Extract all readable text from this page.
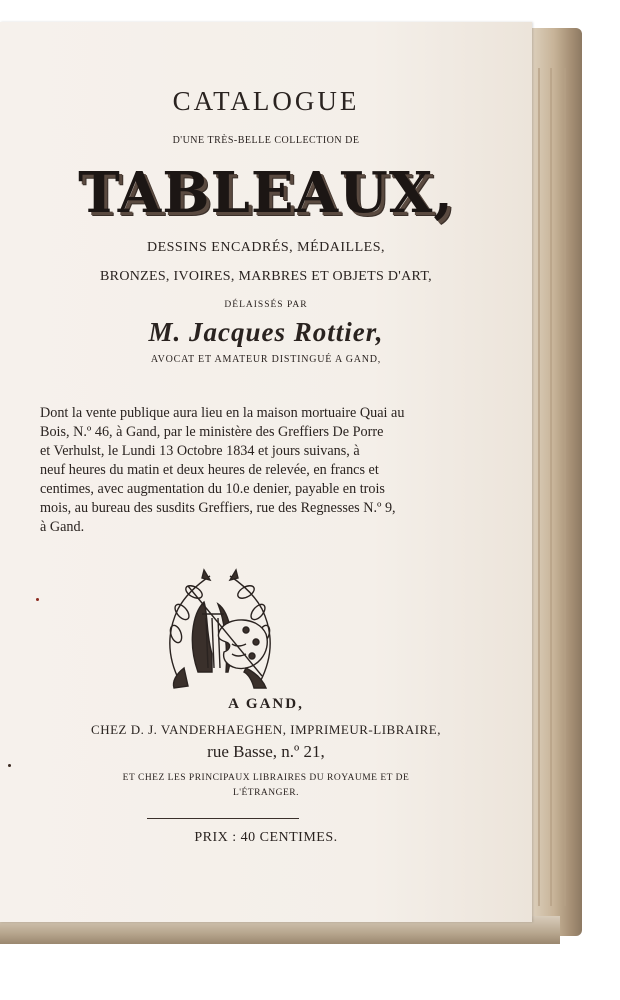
CATALOGUE
D'UNE TRÈS-BELLE COLLECTION DE
TABLEAUX,
DESSINS ENCADRÉS, MÉDAILLES,
BRONZES, IVOIRES, MARBRES ET OBJETS D'ART,
DÉLAISSÉS PAR
M. Jacques Rottier,
AVOCAT ET AMATEUR DISTINGUÉ A GAND,
Dont la vente publique aura lieu en la maison mortuaire Quai au
Bois, N.º 46, à Gand, par le ministère des Greffiers De Porre
et Verhulst, le Lundi 13 Octobre 1834 et jours suivans, à
neuf heures du matin et deux heures de relevée, en francs et
centimes, avec augmentation du 10.e denier, payable en trois
mois, au bureau des susdits Greffiers, rue des Regnesses N.º 9,
à Gand.
A GAND,
CHEZ D. J. VANDERHAEGHEN, IMPRIMEUR-LIBRAIRE,
rue Basse, n.º 21,
ET CHEZ LES PRINCIPAUX LIBRAIRES DU ROYAUME ET DE
L'ÉTRANGER.
PRIX : 40 CENTIMES.
